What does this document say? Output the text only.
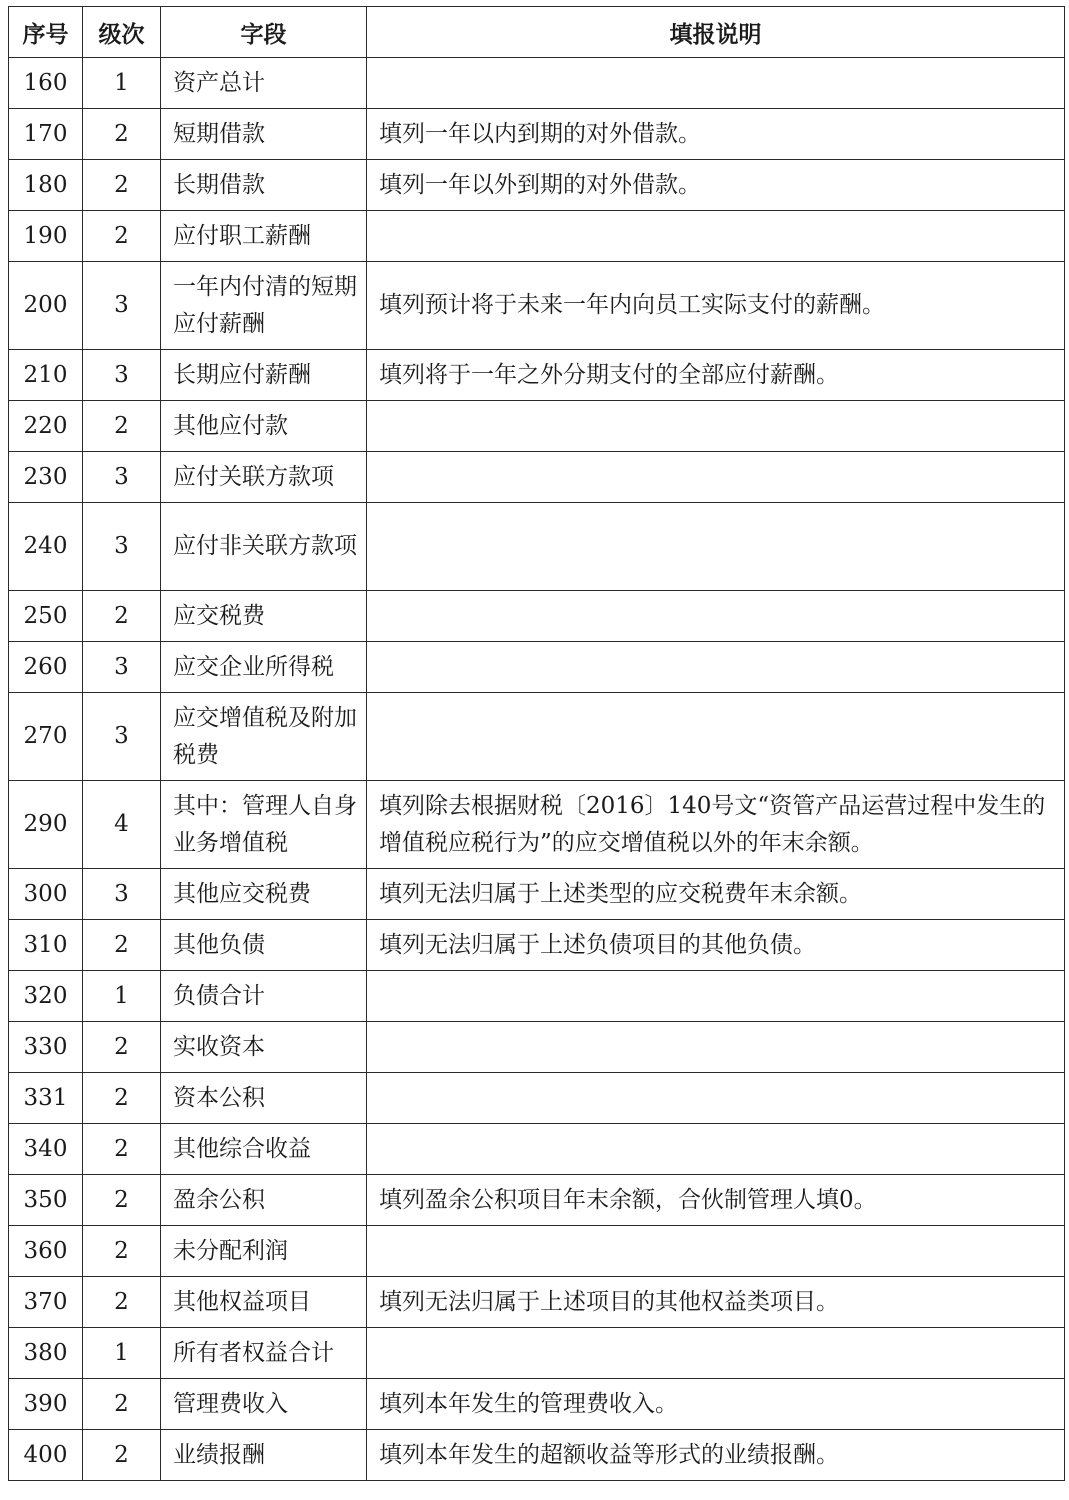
序号	级次	字段	填报说明
160	1	资产总计	
170	2	短期借款	填列一年以内到期的对外借款。
180	2	长期借款	填列一年以外到期的对外借款。
190	2	应付职工薪酬	
200	3	一年内付清的短期应付薪酬	填列预计将于未来一年内向员工实际支付的薪酬。
210	3	长期应付薪酬	填列将于一年之外分期支付的全部应付薪酬。
220	2	其他应付款	
230	3	应付关联方款项	
240	3	应付非关联方款项	
250	2	应交税费	
260	3	应交企业所得税	
270	3	应交增值税及附加税费	
290	4	其中：管理人自身业务增值税	填列除去根据财税〔2016〕140号文“资管产品运营过程中发生的增值税应税行为”的应交增值税以外的年末余额。
300	3	其他应交税费	填列无法归属于上述类型的应交税费年末余额。
310	2	其他负债	填列无法归属于上述负债项目的其他负债。
320	1	负债合计	
330	2	实收资本	
331	2	资本公积	
340	2	其他综合收益	
350	2	盈余公积	填列盈余公积项目年末余额，合伙制管理人填0。
360	2	未分配利润	
370	2	其他权益项目	填列无法归属于上述项目的其他权益类项目。
380	1	所有者权益合计	
390	2	管理费收入	填列本年发生的管理费收入。
400	2	业绩报酬	填列本年发生的超额收益等形式的业绩报酬。
